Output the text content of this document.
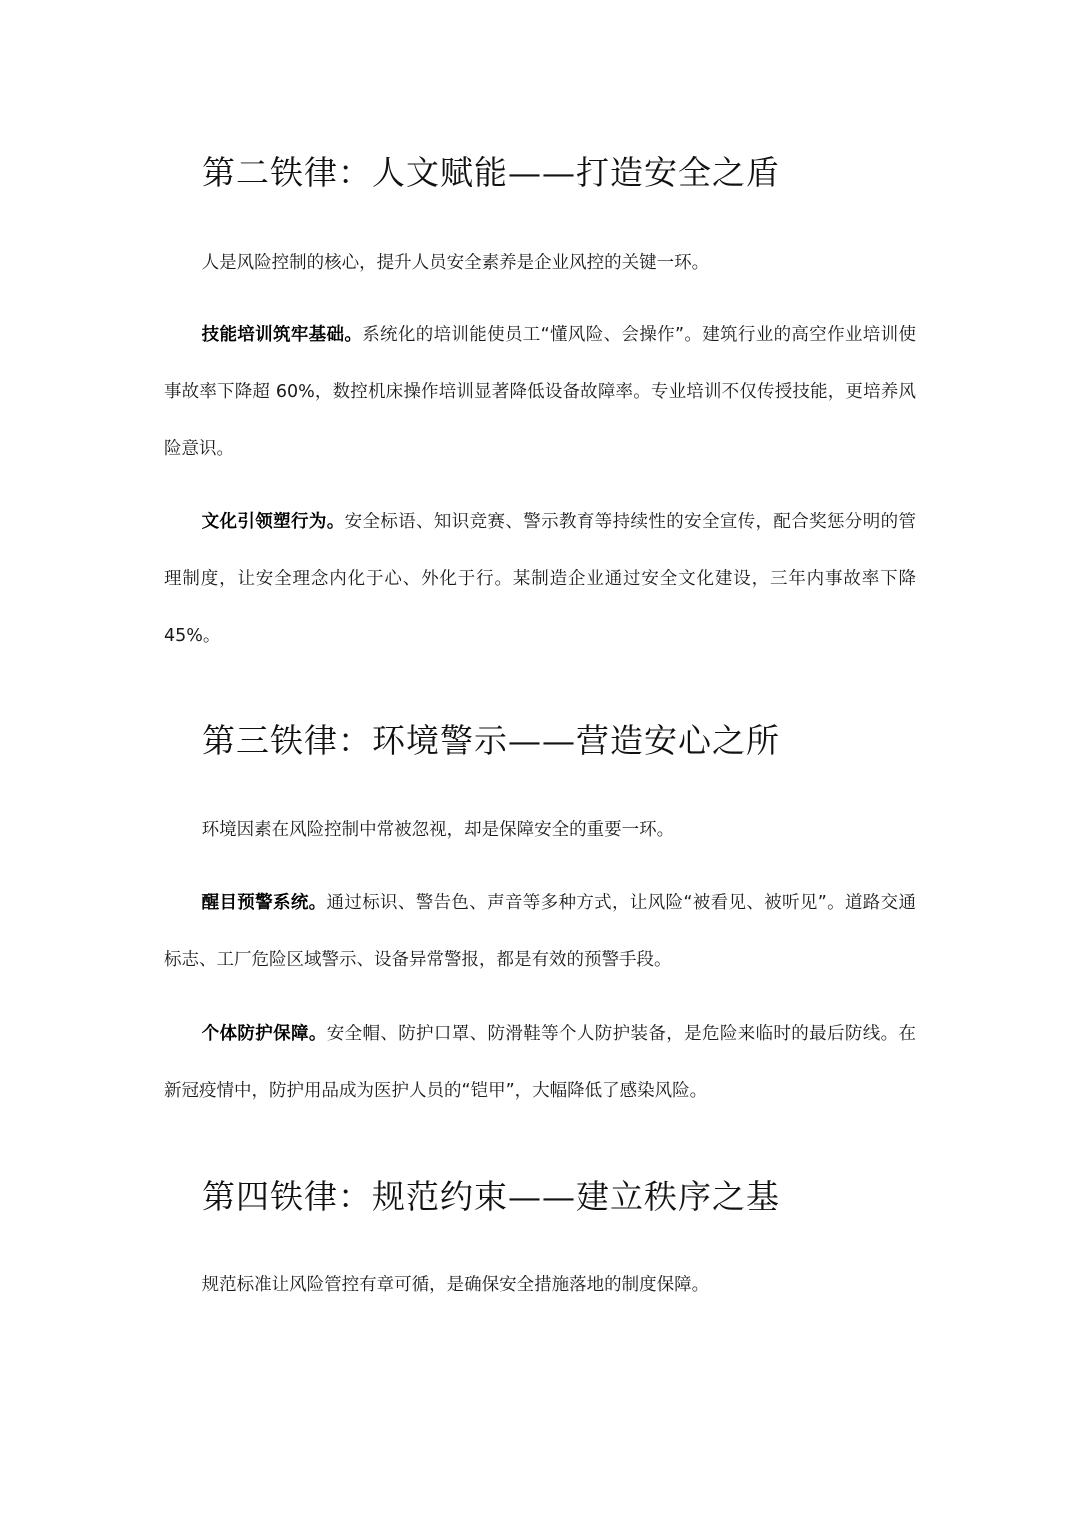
第二铁律：人文赋能——打造安全之盾

人是风险控制的核心，提升人员安全素养是企业风控的关键一环。

技能培训筑牢基础。系统化的培训能使员工“懂风险、会操作”。建筑行业的高空作业培训使事故率下降超 60%，数控机床操作培训显著降低设备故障率。专业培训不仅传授技能，更培养风险意识。

文化引领塑行为。安全标语、知识竞赛、警示教育等持续性的安全宣传，配合奖惩分明的管理制度，让安全理念内化于心、外化于行。某制造企业通过安全文化建设，三年内事故率下降 45%。

第三铁律：环境警示——营造安心之所

环境因素在风险控制中常被忽视，却是保障安全的重要一环。

醒目预警系统。通过标识、警告色、声音等多种方式，让风险“被看见、被听见”。道路交通标志、工厂危险区域警示、设备异常警报，都是有效的预警手段。

个体防护保障。安全帽、防护口罩、防滑鞋等个人防护装备，是危险来临时的最后防线。在新冠疫情中，防护用品成为医护人员的“铠甲”，大幅降低了感染风险。

第四铁律：规范约束——建立秩序之基

规范标准让风险管控有章可循，是确保安全措施落地的制度保障。
